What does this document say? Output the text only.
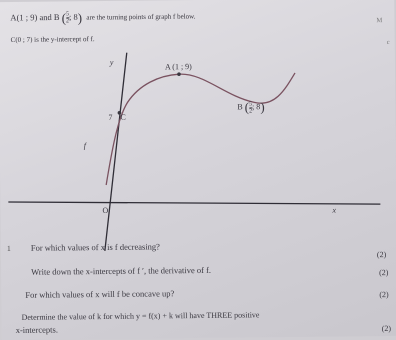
A(1 ; 9) and B ( $\frac{5}{2}$ ; 8) are the turning points of graph f below.
C(0 ; 7) is the y-intercept of f.
M
c
y
x
O
A (1 ; 9)
7 C
f
B ( $\frac{5}{2}$ ; 8)
1 For which values of x is f decreasing?
(2)
Write down the x-intercepts of f ′, the derivative of f.	(2)
For which values of x will f be concave up?	(2)
Determine the value of k for which y = f(x) + k will have THREE positive
x-intercepts.	(2)
